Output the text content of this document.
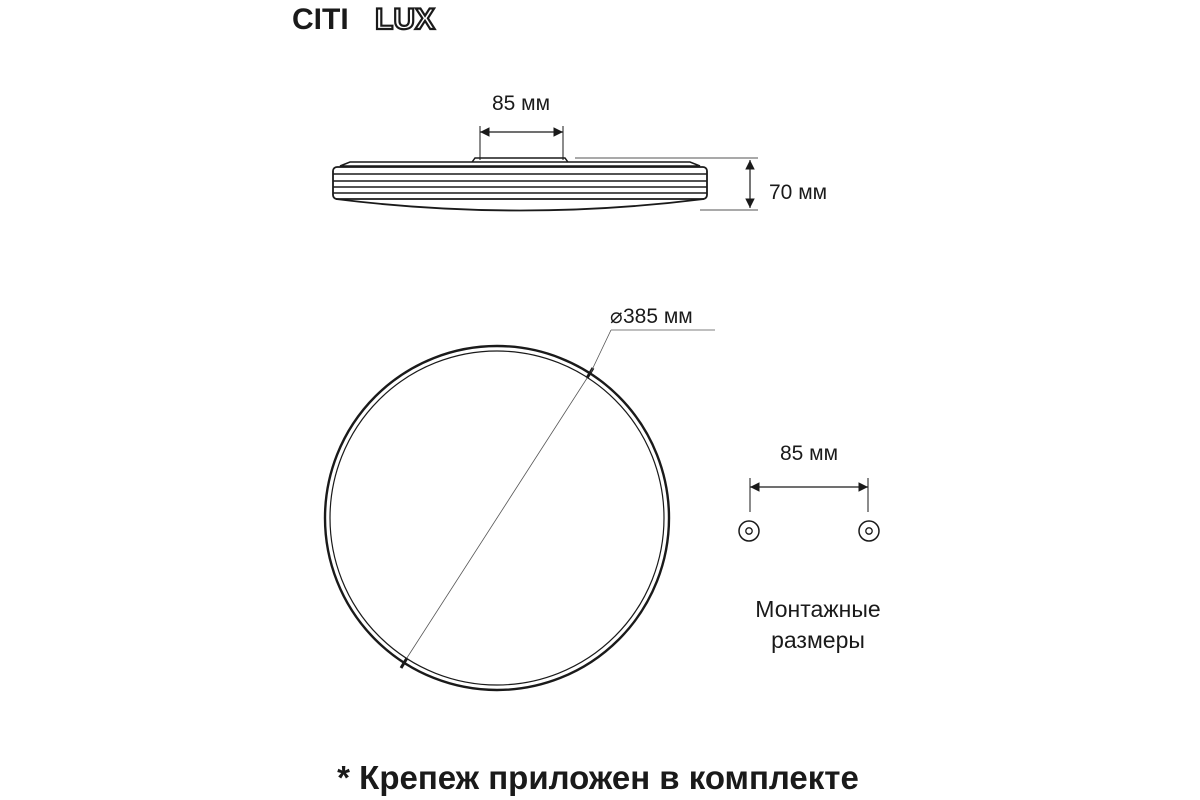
CITI LUX
85 мм
70 мм
⌀ 385 мм
85 мм
Монтажные
размеры
* Крепеж приложен в комплекте
